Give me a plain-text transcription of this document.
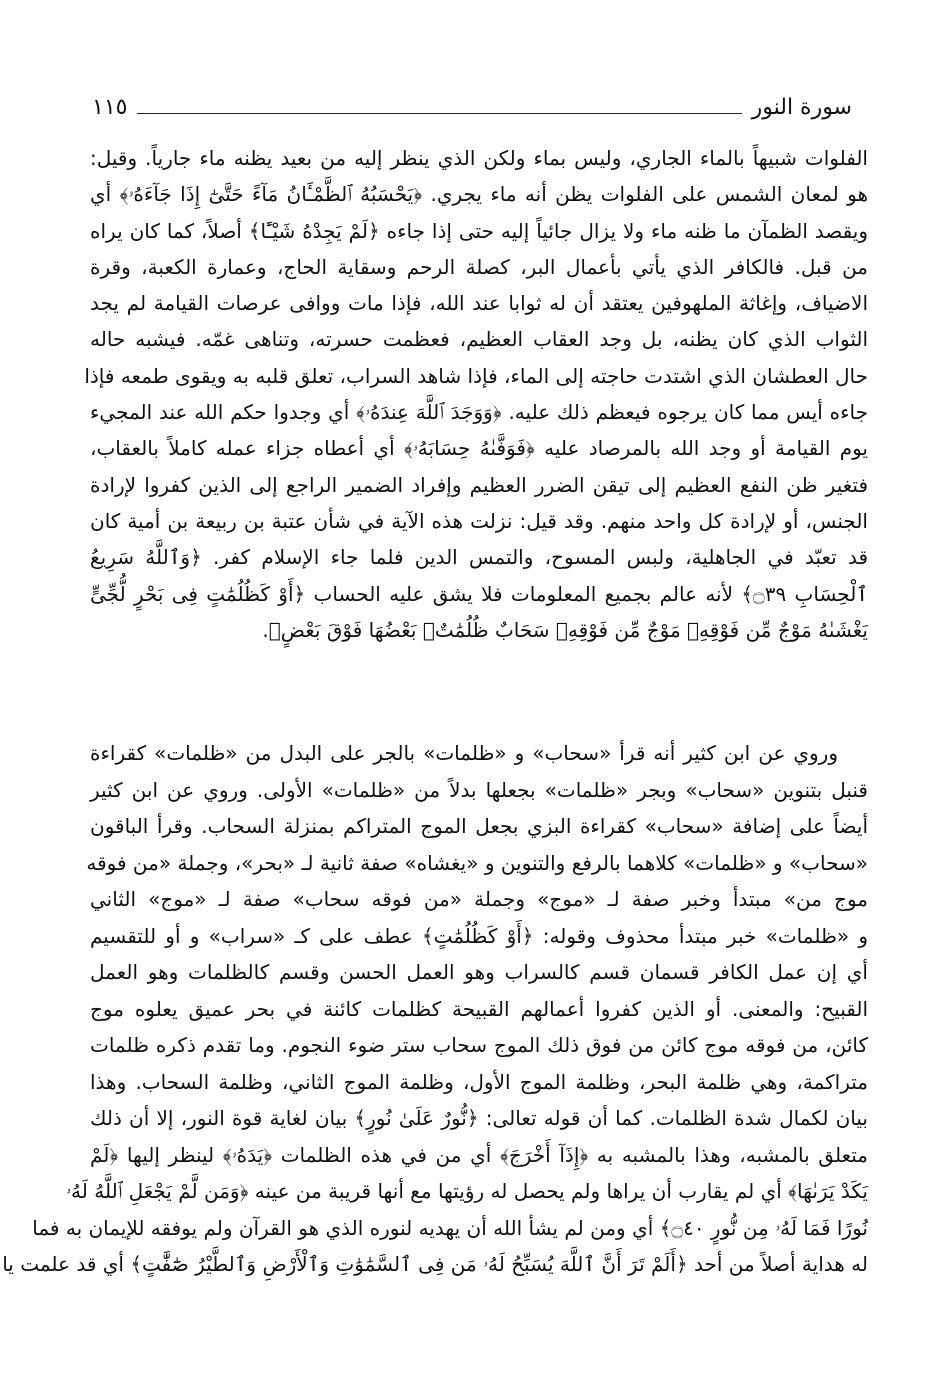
سورة النور
١١٥
الفلوات شبيهاً بالماء الجاري، وليس بماء ولكن الذي ينظر إليه من بعيد يظنه ماء جارياً. وقيل:
هو لمعان الشمس على الفلوات يظن أنه ماء يجري. ﴿يَحْسَبُهُ ٱلظَّمْـَٔانُ مَآءً حَتَّىٰٓ إِذَا جَآءَهُۥ﴾ أي
ويقصد الظمآن ما ظنه ماء ولا يزال جائياً إليه حتى إذا جاءه ﴿لَمْ يَجِدْهُ شَيْـًٔا﴾ أصلاً، كما كان يراه
من قبل. فالكافر الذي يأتي بأعمال البر، كصلة الرحم وسقاية الحاج، وعمارة الكعبة، وقرة
الاضياف، وإغاثة الملهوفين يعتقد أن له ثوابا عند الله، فإذا مات ووافى عرصات القيامة لم يجد
الثواب الذي كان يظنه، بل وجد العقاب العظيم، فعظمت حسرته، وتناهى غمّه. فيشبه حاله
حال العطشان الذي اشتدت حاجته إلى الماء، فإذا شاهد السراب، تعلق قلبه به ويقوى طمعه فإذا
جاءه أيس مما كان يرجوه فيعظم ذلك عليه. ﴿وَوَجَدَ ٱللَّهَ عِندَهُۥ﴾ أي وجدوا حكم الله عند المجيء
يوم القيامة أو وجد الله بالمرصاد عليه ﴿فَوَفَّىٰهُ حِسَابَهُۥ﴾ أي أعطاه جزاء عمله كاملاً بالعقاب،
فتغير ظن النفع العظيم إلى تيقن الضرر العظيم وإفراد الضمير الراجع إلى الذين كفروا لإرادة
الجنس، أو لإرادة كل واحد منهم. وقد قيل: نزلت هذه الآية في شأن عتبة بن ربيعة بن أمية كان
قد تعبّد في الجاهلية، ولبس المسوح، والتمس الدين فلما جاء الإسلام كفر. ﴿وَٱللَّهُ سَرِيعُ
ٱلْحِسَابِ ۝٣٩﴾ لأنه عالم بجميع المعلومات فلا يشق عليه الحساب ﴿أَوْ كَظُلُمَٰتٍ فِى بَحْرٍ لُّجِّىٍّ
يَغْشَىٰهُ مَوْجٌ مِّن فَوْقِهِۦ مَوْجٌ مِّن فَوْقِهِۦ سَحَابٌ ظُلُمَٰتٌۢ بَعْضُهَا فَوْقَ بَعْضٍ﴾.
وروي عن ابن كثير أنه قرأ «سحاب» و «ظلمات» بالجر على البدل من «ظلمات» كقراءة
قنبل بتنوين «سحاب» وبجر «ظلمات» بجعلها بدلاً من «ظلمات» الأولى. وروي عن ابن كثير
أيضاً على إضافة «سحاب» كقراءة البزي بجعل الموج المتراكم بمنزلة السحاب. وقرأ الباقون
«سحاب» و «ظلمات» كلاهما بالرفع والتنوين و «يغشاه» صفة ثانية لـ «بحر»، وجملة «من فوقه
موج من» مبتدأ وخبر صفة لـ «موج» وجملة «من فوقه سحاب» صفة لـ «موج» الثاني
و «ظلمات» خبر مبتدأ محذوف وقوله: ﴿أَوْ كَظُلُمَٰتٍ﴾ عطف على كـ «سراب» و أو للتقسيم
أي إن عمل الكافر قسمان قسم كالسراب وهو العمل الحسن وقسم كالظلمات وهو العمل
القبيح: والمعنى. أو الذين كفروا أعمالهم القبيحة كظلمات كائنة في بحر عميق يعلوه موج
كائن، من فوقه موج كائن من فوق ذلك الموج سحاب ستر ضوء النجوم. وما تقدم ذكره ظلمات
متراكمة، وهي ظلمة البحر، وظلمة الموج الأول، وظلمة الموج الثاني، وظلمة السحاب. وهذا
بيان لكمال شدة الظلمات. كما أن قوله تعالى: ﴿نُّورٌ عَلَىٰ نُورٍ﴾ بيان لغاية قوة النور، إلا أن ذلك
متعلق بالمشبه، وهذا بالمشبه به ﴿إِذَآ أَخْرَجَ﴾ أي من في هذه الظلمات ﴿يَدَهُۥ﴾ لينظر إليها ﴿لَمْ
يَكَدْ يَرَىٰهَا﴾ أي لم يقارب أن يراها ولم يحصل له رؤيتها مع أنها قريبة من عينه ﴿وَمَن لَّمْ يَجْعَلِ ٱللَّهُ لَهُۥ
نُورًا فَمَا لَهُۥ مِن نُّورٍ ۝٤٠﴾ أي ومن لم يشأ الله أن يهديه لنوره الذي هو القرآن ولم يوفقه للإيمان به فما
له هداية أصلاً من أحد ﴿أَلَمْ تَرَ أَنَّ ٱللَّهَ يُسَبِّحُ لَهُۥ مَن فِى ٱلسَّمَٰوَٰتِ وَٱلْأَرْضِ وَٱلطَّيْرُ صَٰٓفَّٰتٍ﴾ أي قد علمت يا
